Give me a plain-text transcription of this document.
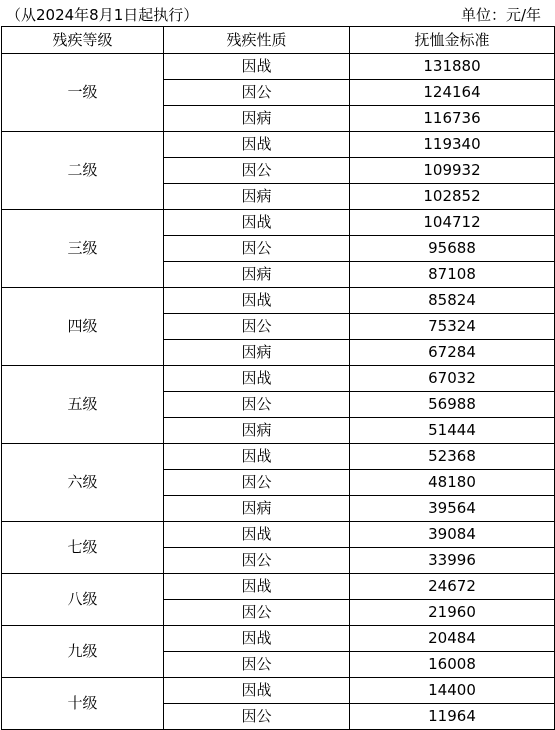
（从2024年8月1日起执行）	单位：元/年
残疾等级	残疾性质	抚恤金标准
一级	因战	131880
	因公	124164
	因病	116736
二级	因战	119340
	因公	109932
	因病	102852
三级	因战	104712
	因公	95688
	因病	87108
四级	因战	85824
	因公	75324
	因病	67284
五级	因战	67032
	因公	56988
	因病	51444
六级	因战	52368
	因公	48180
	因病	39564
七级	因战	39084
	因公	33996
八级	因战	24672
	因公	21960
九级	因战	20484
	因公	16008
十级	因战	14400
	因公	11964
